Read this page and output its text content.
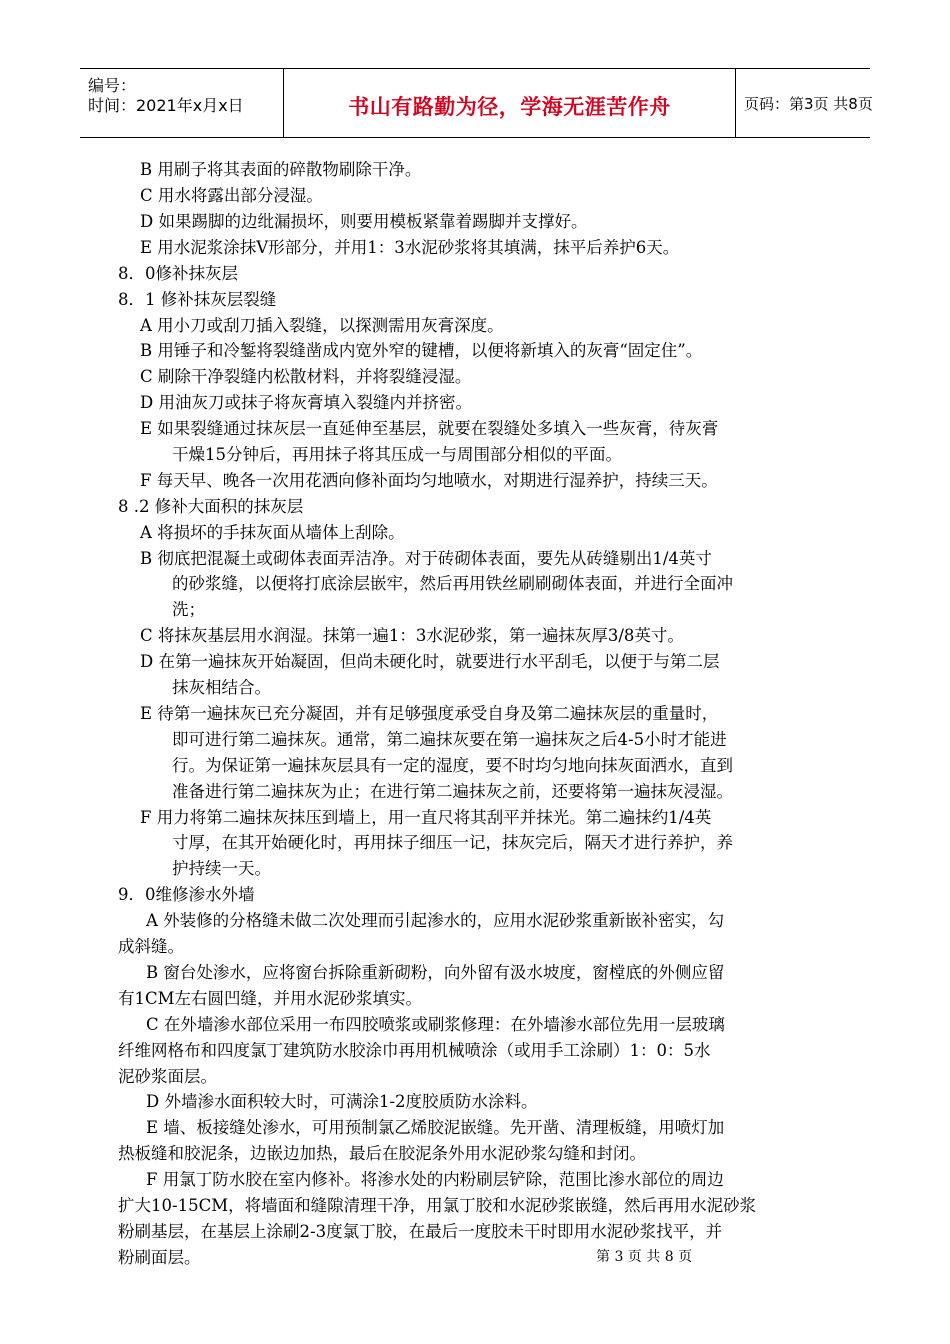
编号：
时间：2021年x月x日	书山有路勤为径，学海无涯苦作舟	页码：第3页 共8页
B 用刷子将其表面的碎散物刷除干净。
C 用水将露出部分浸湿。
D 如果踢脚的边纰漏损坏，则要用模板紧靠着踢脚并支撑好。
E 用水泥浆涂抹V形部分，并用1：3水泥砂浆将其填满，抹平后养护6天。
8．0修补抹灰层
8．1 修补抹灰层裂缝
A 用小刀或刮刀插入裂缝，以探测需用灰膏深度。
B 用锤子和冷錾将裂缝凿成内宽外窄的键槽，以便将新填入的灰膏“固定住”。
C 刷除干净裂缝内松散材料，并将裂缝浸湿。
D 用油灰刀或抹子将灰膏填入裂缝内并挤密。
E 如果裂缝通过抹灰层一直延伸至基层，就要在裂缝处多填入一些灰膏，待灰膏
干燥15分钟后，再用抹子将其压成一与周围部分相似的平面。
F 每天早、晚各一次用花洒向修补面均匀地喷水，对期进行湿养护，持续三天。
8 .2 修补大面积的抹灰层
A 将损坏的手抹灰面从墙体上刮除。
B 彻底把混凝土或砌体表面弄洁净。对于砖砌体表面，要先从砖缝剔出1/4英寸
的砂浆缝，以便将打底涂层嵌牢，然后再用铁丝刷刷砌体表面，并进行全面冲
洗；
C 将抹灰基层用水润湿。抹第一遍1：3水泥砂浆，第一遍抹灰厚3/8英寸。
D 在第一遍抹灰开始凝固，但尚未硬化时，就要进行水平刮毛，以便于与第二层
抹灰相结合。
E 待第一遍抹灰已充分凝固，并有足够强度承受自身及第二遍抹灰层的重量时，
即可进行第二遍抹灰。通常，第二遍抹灰要在第一遍抹灰之后4-5小时才能进
行。为保证第一遍抹灰层具有一定的湿度，要不时均匀地向抹灰面洒水，直到
准备进行第二遍抹灰为止；在进行第二遍抹灰之前，还要将第一遍抹灰浸湿。
F 用力将第二遍抹灰抹压到墙上，用一直尺将其刮平并抹光。第二遍抹约1/4英
寸厚，在其开始硬化时，再用抹子细压一记，抹灰完后，隔天才进行养护，养
护持续一天。
9．0维修渗水外墙
A 外装修的分格缝未做二次处理而引起渗水的，应用水泥砂浆重新嵌补密实，勾
成斜缝。
B 窗台处渗水，应将窗台拆除重新砌粉，向外留有汲水坡度，窗樘底的外侧应留
有1CM左右圆凹缝，并用水泥砂浆填实。
C 在外墙渗水部位采用一布四胶喷浆或刷浆修理：在外墙渗水部位先用一层玻璃
纤维网格布和四度氯丁建筑防水胶涂巾再用机械喷涂（或用手工涂刷）1：0：5水
泥砂浆面层。
D 外墙渗水面积较大时，可满涂1-2度胶质防水涂料。
E 墙、板接缝处渗水，可用预制氯乙烯胶泥嵌缝。先开凿、清理板缝，用喷灯加
热板缝和胶泥条，边嵌边加热，最后在胶泥条外用水泥砂浆勾缝和封闭。
F 用氯丁防水胶在室内修补。将渗水处的内粉刷层铲除，范围比渗水部位的周边
扩大10-15CM，将墙面和缝隙清理干净，用氯丁胶和水泥砂浆嵌缝，然后再用水泥砂浆
粉刷基层，在基层上涂刷2-3度氯丁胶，在最后一度胶未干时即用水泥砂浆找平，并
粉刷面层。	第 3 页 共 8 页
